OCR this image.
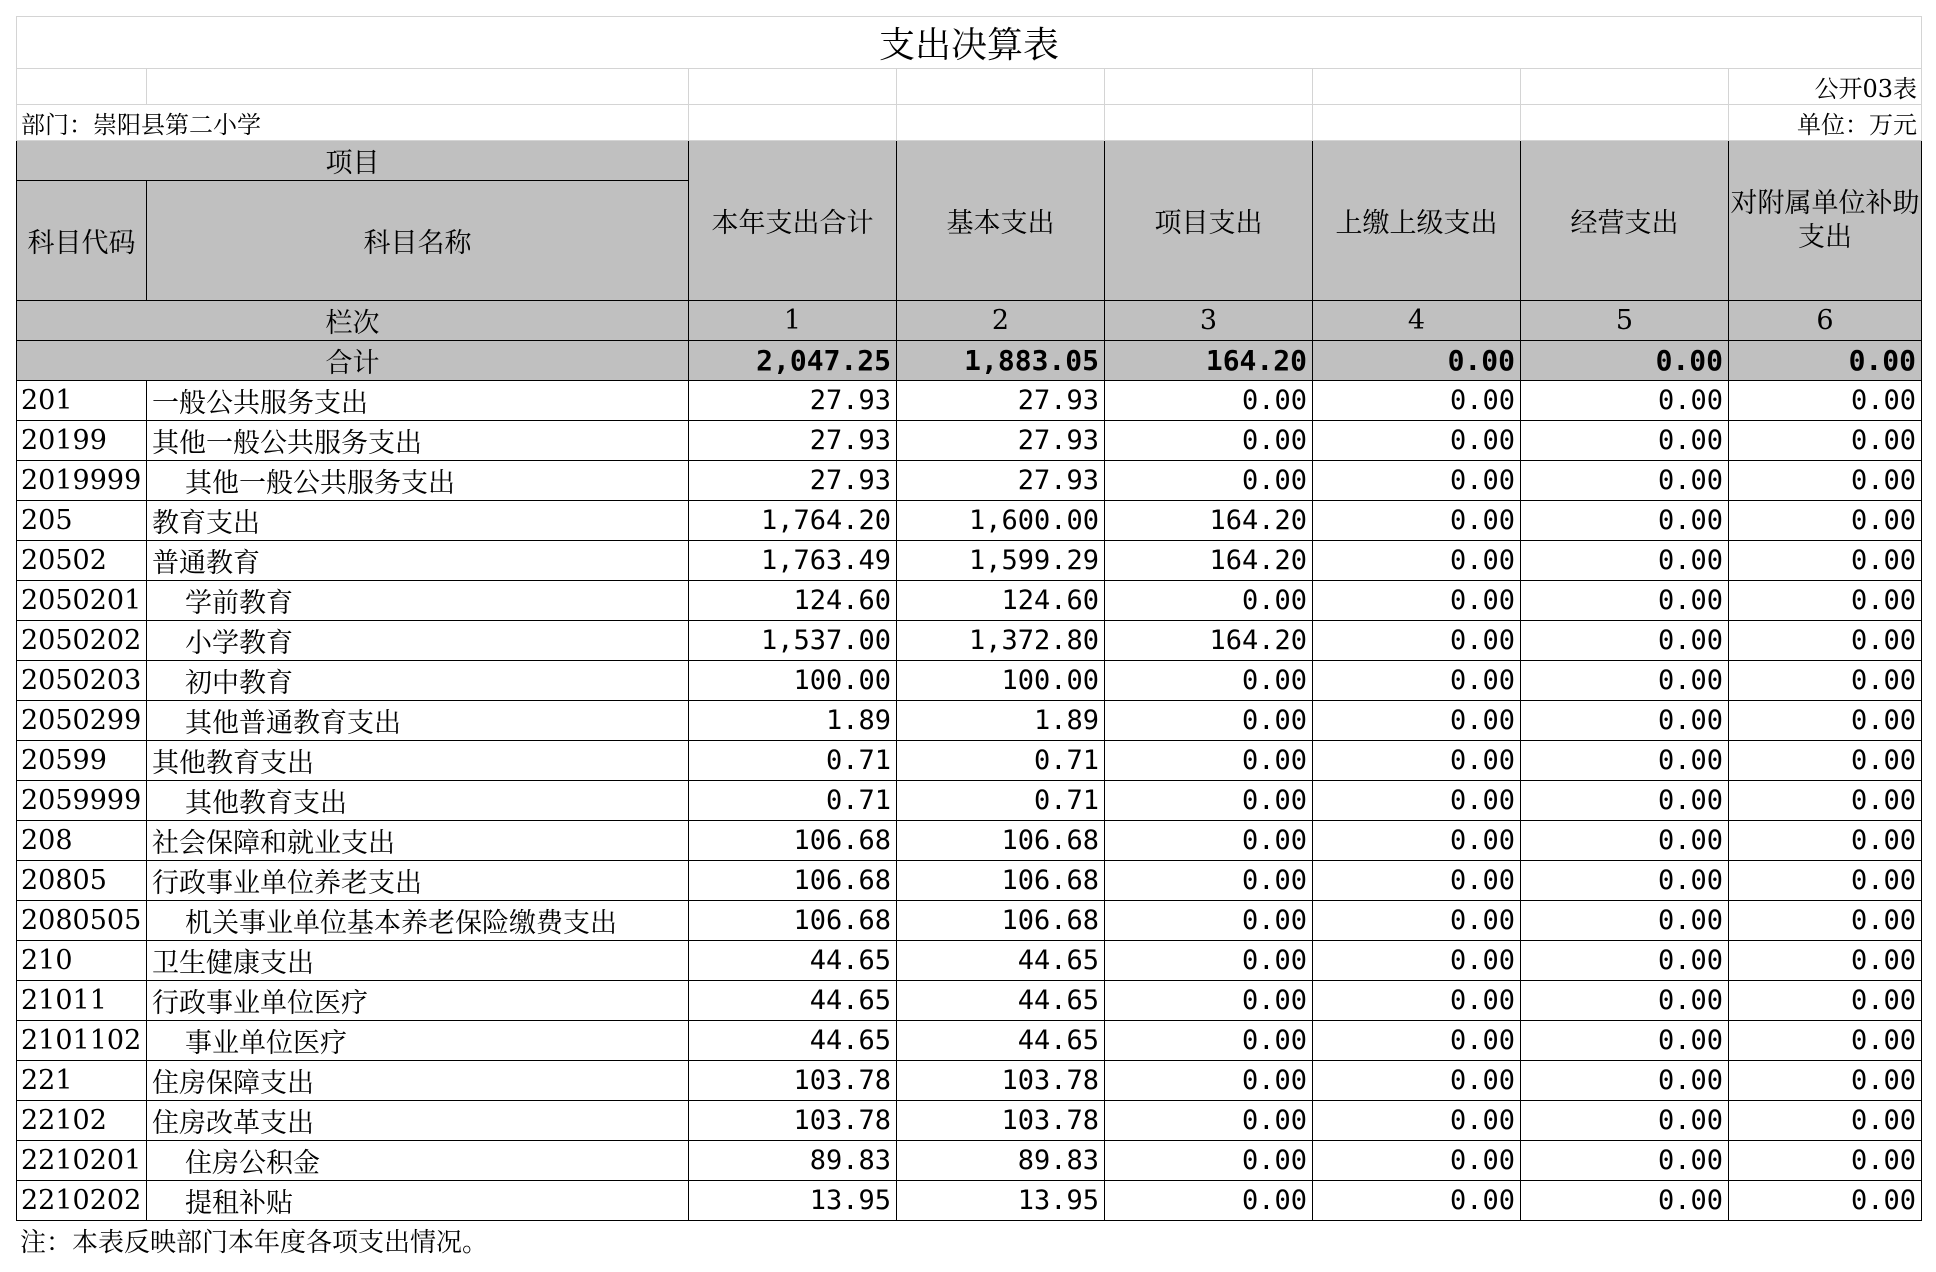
支出决算表							
							公开03表
部门：崇阳县第二小学							单位：万元
项目		本年支出合计	基本支出	项目支出	上缴上级支出	经营支出	对附属单位补助支出
科目代码	科目名称						
栏次		1	2	3	4	5	6
合计		2,047.25	1,883.05	164.20	0.00	0.00	0.00
201	一般公共服务支出	27.93	27.93	0.00	0.00	0.00	0.00
20199	其他一般公共服务支出	27.93	27.93	0.00	0.00	0.00	0.00
2019999	其他一般公共服务支出	27.93	27.93	0.00	0.00	0.00	0.00
205	教育支出	1,764.20	1,600.00	164.20	0.00	0.00	0.00
20502	普通教育	1,763.49	1,599.29	164.20	0.00	0.00	0.00
2050201	学前教育	124.60	124.60	0.00	0.00	0.00	0.00
2050202	小学教育	1,537.00	1,372.80	164.20	0.00	0.00	0.00
2050203	初中教育	100.00	100.00	0.00	0.00	0.00	0.00
2050299	其他普通教育支出	1.89	1.89	0.00	0.00	0.00	0.00
20599	其他教育支出	0.71	0.71	0.00	0.00	0.00	0.00
2059999	其他教育支出	0.71	0.71	0.00	0.00	0.00	0.00
208	社会保障和就业支出	106.68	106.68	0.00	0.00	0.00	0.00
20805	行政事业单位养老支出	106.68	106.68	0.00	0.00	0.00	0.00
2080505	机关事业单位基本养老保险缴费支出	106.68	106.68	0.00	0.00	0.00	0.00
210	卫生健康支出	44.65	44.65	0.00	0.00	0.00	0.00
21011	行政事业单位医疗	44.65	44.65	0.00	0.00	0.00	0.00
2101102	事业单位医疗	44.65	44.65	0.00	0.00	0.00	0.00
221	住房保障支出	103.78	103.78	0.00	0.00	0.00	0.00
22102	住房改革支出	103.78	103.78	0.00	0.00	0.00	0.00
2210201	住房公积金	89.83	89.83	0.00	0.00	0.00	0.00
2210202	提租补贴	13.95	13.95	0.00	0.00	0.00	0.00
注：本表反映部门本年度各项支出情况。
